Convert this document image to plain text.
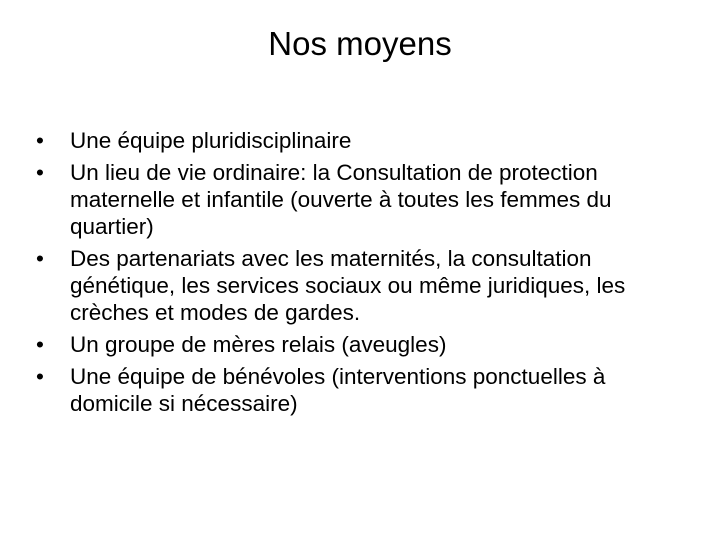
Nos moyens
•	Une équipe pluridisciplinaire
•	Un lieu de vie ordinaire: la Consultation de protection maternelle et infantile (ouverte à toutes les femmes du quartier)
•	Des partenariats avec les maternités, la consultation génétique, les services sociaux ou même juridiques, les crèches et modes de gardes.
•	Un groupe de mères relais (aveugles)
•	Une équipe de bénévoles (interventions ponctuelles à domicile si nécessaire)
